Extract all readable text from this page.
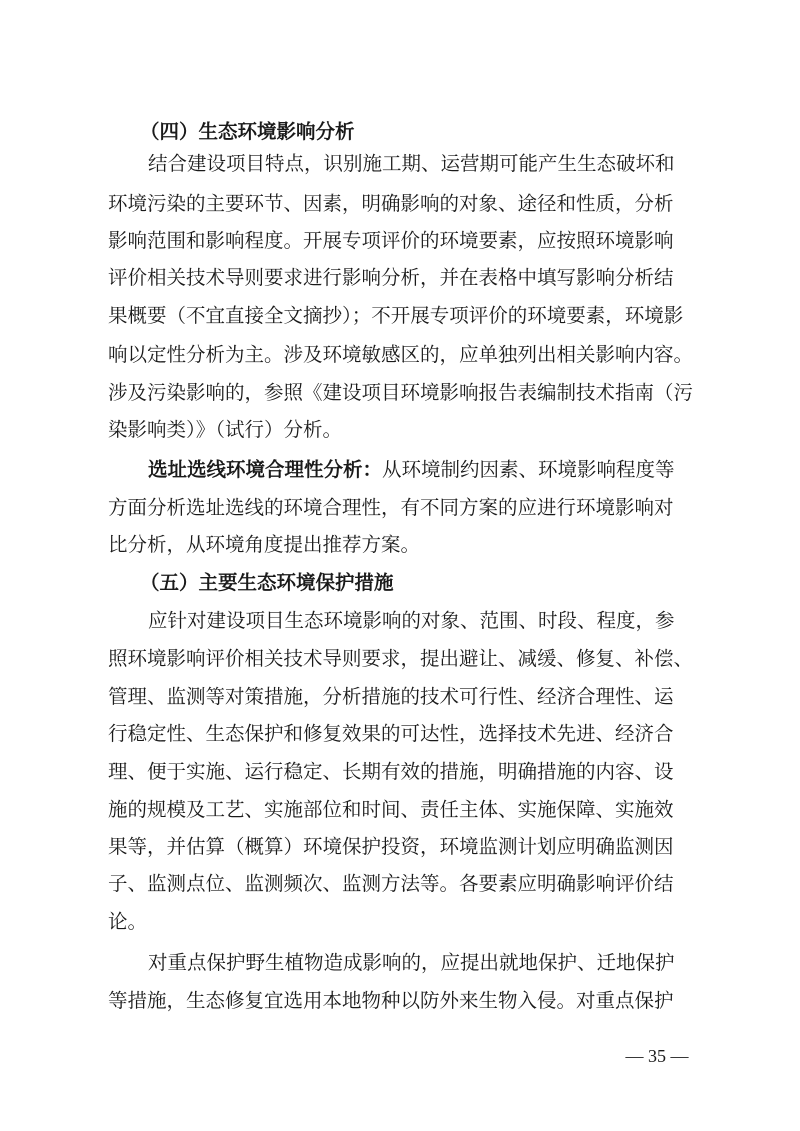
（四）生态环境影响分析
结合建设项目特点，识别施工期、运营期可能产生生态破坏和
环境污染的主要环节、因素，明确影响的对象、途径和性质，分析
影响范围和影响程度。开展专项评价的环境要素，应按照环境影响
评价相关技术导则要求进行影响分析，并在表格中填写影响分析结
果概要（不宜直接全文摘抄）；不开展专项评价的环境要素，环境影
响以定性分析为主。涉及环境敏感区的，应单独列出相关影响内容。
涉及污染影响的，参照《建设项目环境影响报告表编制技术指南（污
染影响类）》（试行）分析。
选址选线环境合理性分析：从环境制约因素、环境影响程度等
方面分析选址选线的环境合理性，有不同方案的应进行环境影响对
比分析，从环境角度提出推荐方案。
（五）主要生态环境保护措施
应针对建设项目生态环境影响的对象、范围、时段、程度，参
照环境影响评价相关技术导则要求，提出避让、减缓、修复、补偿、
管理、监测等对策措施，分析措施的技术可行性、经济合理性、运
行稳定性、生态保护和修复效果的可达性，选择技术先进、经济合
理、便于实施、运行稳定、长期有效的措施，明确措施的内容、设
施的规模及工艺、实施部位和时间、责任主体、实施保障、实施效
果等，并估算（概算）环境保护投资，环境监测计划应明确监测因
子、监测点位、监测频次、监测方法等。各要素应明确影响评价结
论。
对重点保护野生植物造成影响的，应提出就地保护、迁地保护
等措施，生态修复宜选用本地物种以防外来生物入侵。对重点保护
— 35 —
